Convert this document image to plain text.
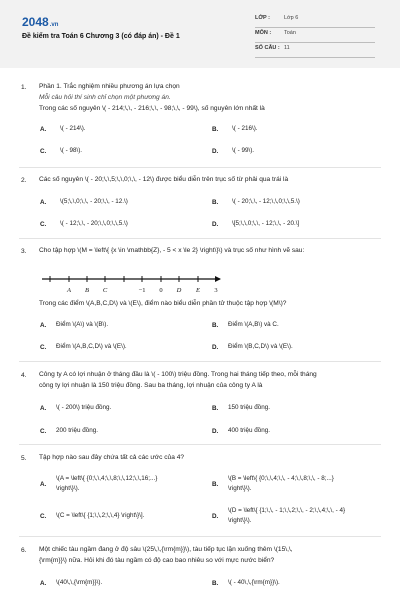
2048.vn
Đề kiểm tra Toán 6 Chương 3 (có đáp án) - Đề 1
LỚP :	Lớp 6
MÔN : Toán
SỐ CÂU : 11
1. Phần 1. Trắc nghiệm nhiều phương án lựa chọn
Mỗi câu hỏi thí sinh chỉ chọn một phương án.
Trong các số nguyên \( - 214;\,\, - 216;\,\, - 98;\,\, - 99\), số nguyên lớn nhất là
A. \( - 214\).	B. \( - 216\).
C. \( - 98\).	D. \( - 99\).
2. Các số nguyên \( - 20;\,\,5;\,\,0;\,\, - 12\) được biểu diễn trên trục số từ phải qua trái là
A. \(5;\,\,0;\,\, - 20;\,\, - 12.\)	B. \( - 20;\,\, - 12;\,\,0;\,\,5.\)
C. \( - 12;\,\, - 20;\,\,0;\,\,5.\)	D. \[5;\,\,0;\,\, - 12;\,\, - 20.\]
3. Cho tập hợp \(M = \left\{ {x \in \mathbb{Z}, - 5 < x \le 2} \right\}\) và trục số như hình vẽ sau:
A B C	−1 0 D E 3
Trong các điểm \(A,B,C,D\) và \(E\), điểm nào biểu diễn phần tử thuộc tập hợp \(M\)?
A. Điểm \(A\) và \(B\).	B. Điểm \(A,B\) và C.
C. Điểm \(A,B,C,D\) và \(E\).	D. Điểm \(B,C,D\) và \(E\).
4. Công ty A có lợi nhuận ở tháng đầu là \( - 100\) triệu đồng. Trong hai tháng tiếp theo, mỗi tháng
công ty lợi nhuận là 150 triệu đồng. Sau ba tháng, lợi nhuận của công ty A là
A. \( - 200\) triệu đồng.	B. 150 triệu đồng.
C. 200 triệu đồng.	D. 400 triệu đồng.
5. Tập hợp nào sau đây chứa tất cả các ước của 4?
A.
\(A = \left\{ {0;\,\,4;\,\,8;\,\,12;\,\,16;...}
\right\}\).
B.
\(B = \left\{ {0;\,\,4;\,\, - 4;\,\,8;\,\, - 8;...}
\right\}\).
C. \(C = \left\{ {1;\,\,2;\,\,4} \right\}\].	D.
\(D = \left\{ {1;\,\, - 1;\,\,2;\,\, - 2;\,\,4;\,\, - 4}
\right\}\).
6. Một chiếc tàu ngầm đang ở độ sâu \(25\,\,{\rm{m}}\), tàu tiếp tục lặn xuống thêm \(15\,\,
{\rm{m}}\) nữa. Hỏi khi đó tàu ngầm có độ cao bao nhiêu so với mực nước biển?
A. \(40\,\,{\rm{m}}\).	B. \( - 40\,\,{\rm{m}}\).
